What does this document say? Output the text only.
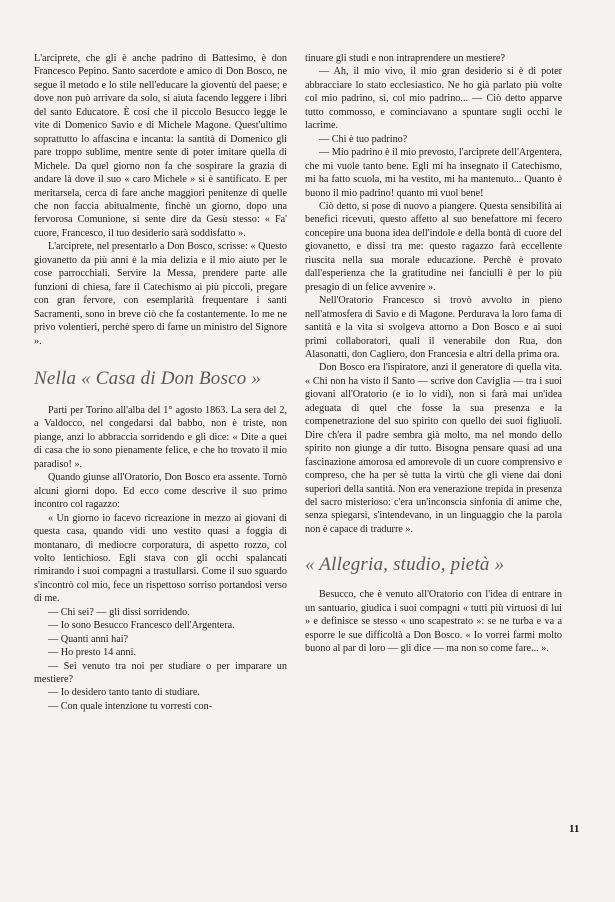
L'arciprete, che gli è anche padrino di Battesimo, è don Francesco Pepino. Santo sacerdote e amico di Don Bosco, ne segue il metodo e lo stile nell'educare la gioventù del paese; e dove non può arrivare da solo, si aiuta facendo leggere i libri del santo Educatore. È così che il piccolo Besucco legge le vite di Domenico Savio e di Michele Magone. Quest'ultimo soprattutto lo affascina e incanta: la santità di Domenico gli pare troppo sublime, mentre sente di poter imitare quella di Michele. Da quel giorno non fa che sospirare la grazia di andare là dove il suo « caro Michele » si è santificato. E per meritarsela, cerca di fare anche maggiori penitenze di quelle che non faccia abitualmente, finchè un giorno, dopo una fervorosa Comunione, si sente dire da Gesù stesso: « Fa' cuore, Francesco, il tuo desiderio sarà soddisfatto ».

L'arciprete, nel presentarlo a Don Bosco, scrisse: « Questo giovanetto da più anni è la mia delizia e il mio aiuto per le cose parrocchiali. Servire la Messa, prendere parte alle funzioni di chiesa, fare il Catechismo ai più piccoli, pregare con gran fervore, con esemplarità frequentare i santi Sacramenti, sono in breve ciò che fa costantemente. Io me ne privo volentieri, perchè spero di farne un ministro del Signore ».

Nella « Casa di Don Bosco »

Parti per Torino all'alba del 1° agosto 1863. La sera del 2, a Valdocco, nel congedarsi dal babbo, non è triste, non piange, anzi lo abbraccia sorridendo e gli dice: « Dite a quei di casa che io sono pienamente felice, e che ho trovato il mio paradiso! ».

Quando giunse all'Oratorio, Don Bosco era assente. Tornò alcuni giorni dopo. Ed ecco come descrive il suo primo incontro col ragazzo:

« Un giorno io facevo ricreazione in mezzo ai giovani di questa casa, quando vidi uno vestito quasi a foggia di montanaro, di mediocre corporatura, di aspetto rozzo, col volto lentichioso. Egli stava con gli occhi spalancati rimirando i suoi compagni a trastullarsi. Come il suo sguardo s'incontrò col mio, fece un rispettoso sorriso portandosi verso di me.

— Chi sei? — gli dissi sorridendo.

— Io sono Besucco Francesco dell'Argentera.

— Quanti anni hai?

— Ho presto 14 anni.

— Sei venuto tra noi per studiare o per imparare un mestiere?

— Io desidero tanto tanto di studiare.

— Con quale intenzione tu vorresti con-

tinuare gli studi e non intraprendere un mestiere?

— Ah, il mio vivo, il mio gran desiderio si è di poter abbracciare lo stato ecclesiastico. Ne ho già parlato più volte col mio padrino, sì, col mio padrino... — Ciò detto apparve tutto commosso, e cominciavano a spuntare sugli occhi le lacrime.

— Chi è tuo padrino?

— Mio padrino è il mio prevosto, l'arciprete dell'Argentera, che mi vuole tanto bene. Egli mi ha insegnato il Catechismo, mi ha fatto scuola, mi ha vestito, mi ha mantenuto... Quanto è buono il mio padrino! quanto mi vuol bene!

Ciò detto, si pose di nuovo a piangere. Questa sensibilità ai benefici ricevuti, questo affetto al suo benefattore mi fecero concepire una buona idea dell'indole e della bontà di cuore del giovanetto, e dissi tra me: questo ragazzo farà eccellente riuscita nella sua morale educazione. Perchè è provato dall'esperienza che la gratitudine nei fanciulli è per lo più presagio di un felice avvenire ».

Nell'Oratorio Francesco si trovò avvolto in pieno nell'atmosfera di Savio e di Magone. Perdurava la loro fama di santità e la vita si svolgeva attorno a Don Bosco e ai suoi primi collaboratori, quali il venerabile don Rua, don Alasonatti, don Cagliero, don Francesia e altri della prima ora.

Don Bosco era l'ispiratore, anzi il generatore di quella vita. « Chi non ha visto il Santo — scrive don Caviglia — tra i suoi giovani all'Oratorio (e io lo vidi), non si farà mai un'idea adeguata di quel che fosse la sua presenza e la compenetrazione del suo spirito con quello dei suoi figliuoli. Dire ch'era il padre sembra già molto, ma nel mondo dello spirito non giunge a dir tutto. Bisogna pensare quasi ad una fascinazione amorosa ed amorevole di un cuore comprensivo e compreso, che ha per sè tutta la virtù che gli viene dai doni superiori della santità. Non era venerazione trepida in presenza del sacro misterioso: c'era un'inconscia sinfonia di anime che, senza spiegarsi, s'intendevano, in un linguaggio che la parola non è capace di tradurre ».

« Allegria, studio, pietà »

Besucco, che è venuto all'Oratorio con l'idea di entrare in un santuario, giudica i suoi compagni « tutti più virtuosi di lui » e definisce se stesso « uno scapestrato »: se ne turba e va a esporre le sue difficoltà a Don Bosco. « Io vorrei farmi molto buono al par di loro — gli dice — ma non so come fare... ».

11
